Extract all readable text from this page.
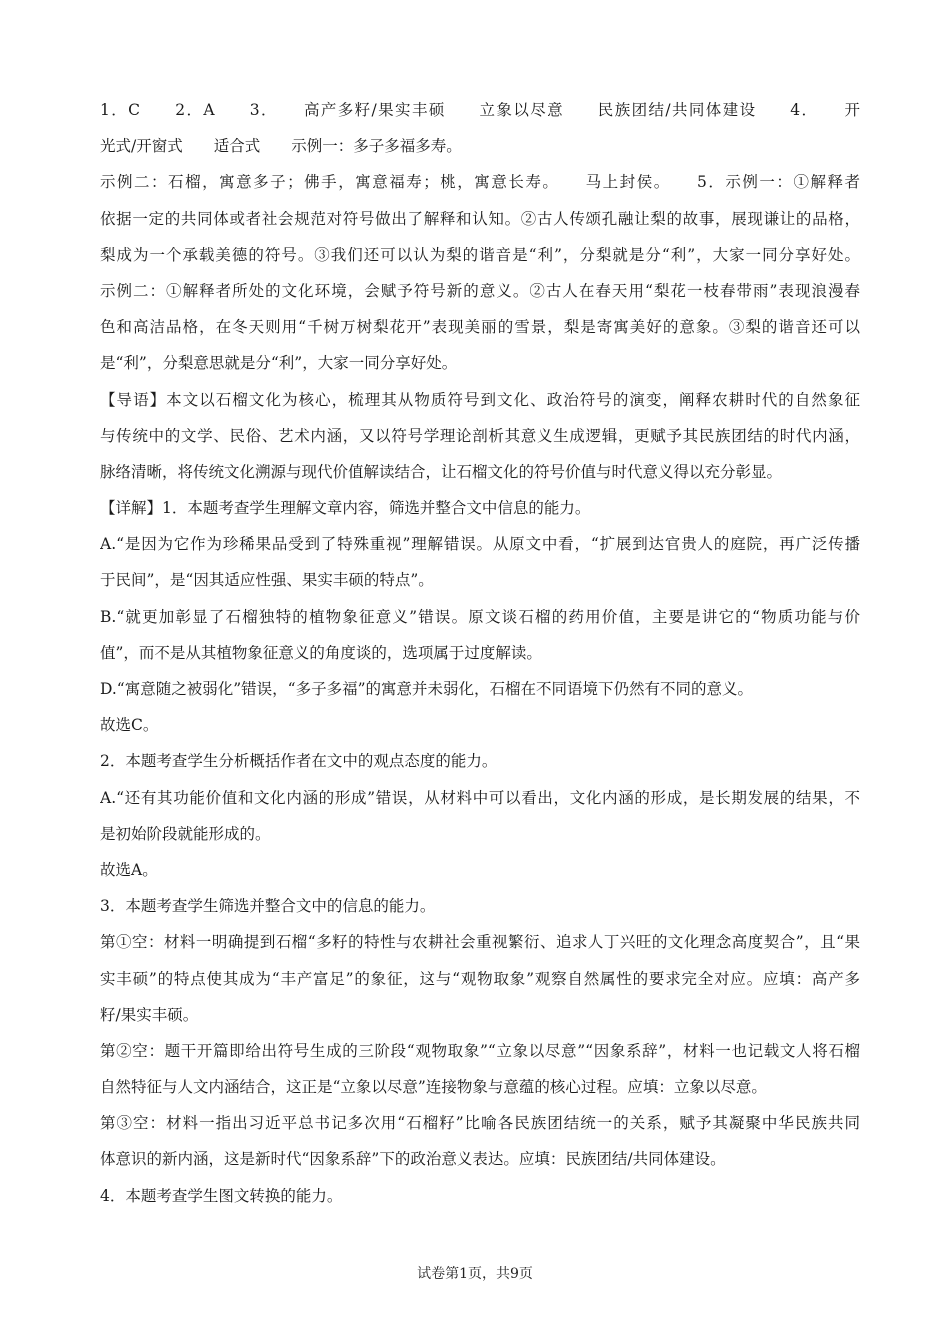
1．C　　2．A　　3．　　高产多籽/果实丰硕　　立象以尽意　　民族团结/共同体建设　　4．　　开
光式/开窗式　　适合式　　示例一：多子多福多寿。
示例二：石榴，寓意多子；佛手，寓意福寿；桃，寓意长寿。　　马上封侯。　　5．示例一：①解释者
依据一定的共同体或者社会规范对符号做出了解释和认知。②古人传颂孔融让梨的故事，展现谦让的品格，
梨成为一个承载美德的符号。③我们还可以认为梨的谐音是“利”，分梨就是分“利”，大家一同分享好处。
示例二：①解释者所处的文化环境，会赋予符号新的意义。②古人在春天用“梨花一枝春带雨”表现浪漫春
色和高洁品格，在冬天则用“千树万树梨花开”表现美丽的雪景，梨是寄寓美好的意象。③梨的谐音还可以
是“利”，分梨意思就是分“利”，大家一同分享好处。
【导语】本文以石榴文化为核心，梳理其从物质符号到文化、政治符号的演变，阐释农耕时代的自然象征
与传统中的文学、民俗、艺术内涵，又以符号学理论剖析其意义生成逻辑，更赋予其民族团结的时代内涵，
脉络清晰，将传统文化溯源与现代价值解读结合，让石榴文化的符号价值与时代意义得以充分彰显。
【详解】1．本题考查学生理解文章内容，筛选并整合文中信息的能力。
A.“是因为它作为珍稀果品受到了特殊重视”理解错误。从原文中看，“扩展到达官贵人的庭院，再广泛传播
于民间”，是“因其适应性强、果实丰硕的特点”。
B.“就更加彰显了石榴独特的植物象征意义”错误。原文谈石榴的药用价值，主要是讲它的“物质功能与价
值”，而不是从其植物象征意义的角度谈的，选项属于过度解读。
D.“寓意随之被弱化”错误，“多子多福”的寓意并未弱化，石榴在不同语境下仍然有不同的意义。
故选C。
2．本题考查学生分析概括作者在文中的观点态度的能力。
A.“还有其功能价值和文化内涵的形成”错误，从材料中可以看出，文化内涵的形成，是长期发展的结果，不
是初始阶段就能形成的。
故选A。
3．本题考查学生筛选并整合文中的信息的能力。
第①空：材料一明确提到石榴“多籽的特性与农耕社会重视繁衍、追求人丁兴旺的文化理念高度契合”，且“果
实丰硕”的特点使其成为“丰产富足”的象征，这与“观物取象”观察自然属性的要求完全对应。应填：高产多
籽/果实丰硕。
第②空：题干开篇即给出符号生成的三阶段“观物取象”“立象以尽意”“因象系辞”，材料一也记载文人将石榴
自然特征与人文内涵结合，这正是“立象以尽意”连接物象与意蕴的核心过程。应填：立象以尽意。
第③空：材料一指出习近平总书记多次用“石榴籽”比喻各民族团结统一的关系，赋予其凝聚中华民族共同
体意识的新内涵，这是新时代“因象系辞”下的政治意义表达。应填：民族团结/共同体建设。
4．本题考查学生图文转换的能力。
试卷第1页，共9页
